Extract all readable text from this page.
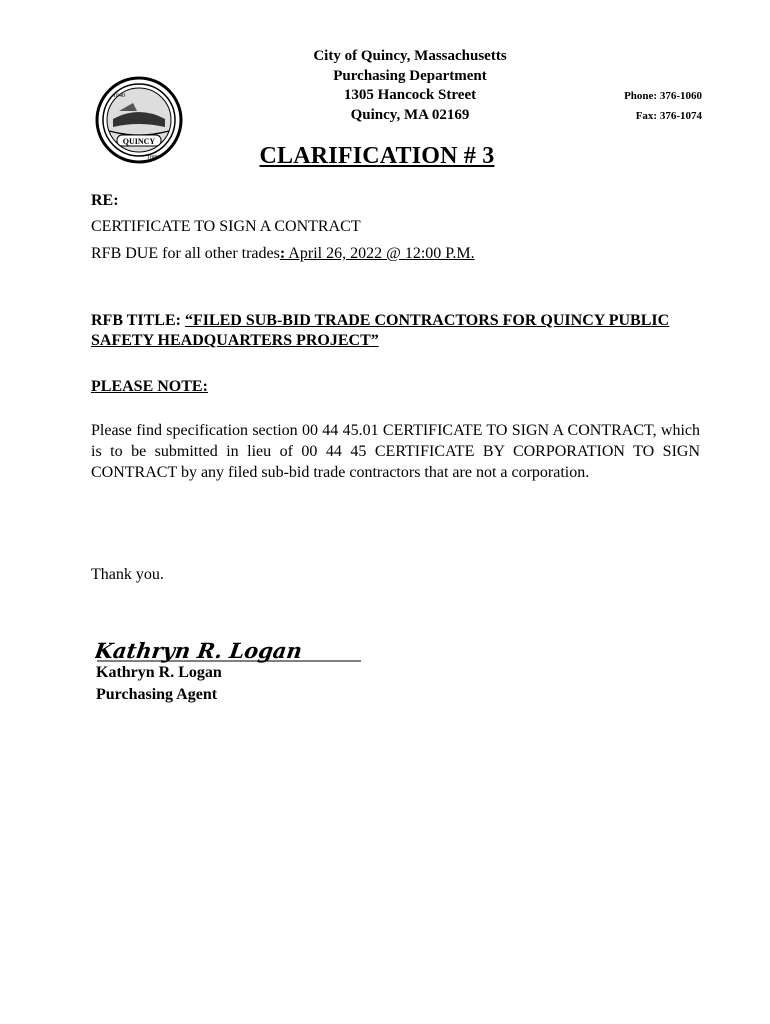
QUINCY
1640
1888
City of Quincy, Massachusetts
Purchasing Department
1305 Hancock Street
Quincy, MA 02169
Phone: 376-1060
Fax: 376-1074
CLARIFICATION # 3
RE:
CERTIFICATE TO SIGN A CONTRACT
RFB DUE for all other trades: April 26, 2022 @ 12:00 P.M.
RFB TITLE: “FILED SUB-BID TRADE CONTRACTORS FOR QUINCY PUBLIC SAFETY HEADQUARTERS PROJECT”
PLEASE NOTE:
Please find specification section 00 44 45.01 CERTIFICATE TO SIGN A CONTRACT, which is to be submitted in lieu of 00 44 45 CERTIFICATE BY CORPORATION TO SIGN CONTRACT by any filed sub-bid trade contractors that are not a corporation.
Thank you.
Kathryn R. Logan
Kathryn R. Logan
Purchasing Agent
